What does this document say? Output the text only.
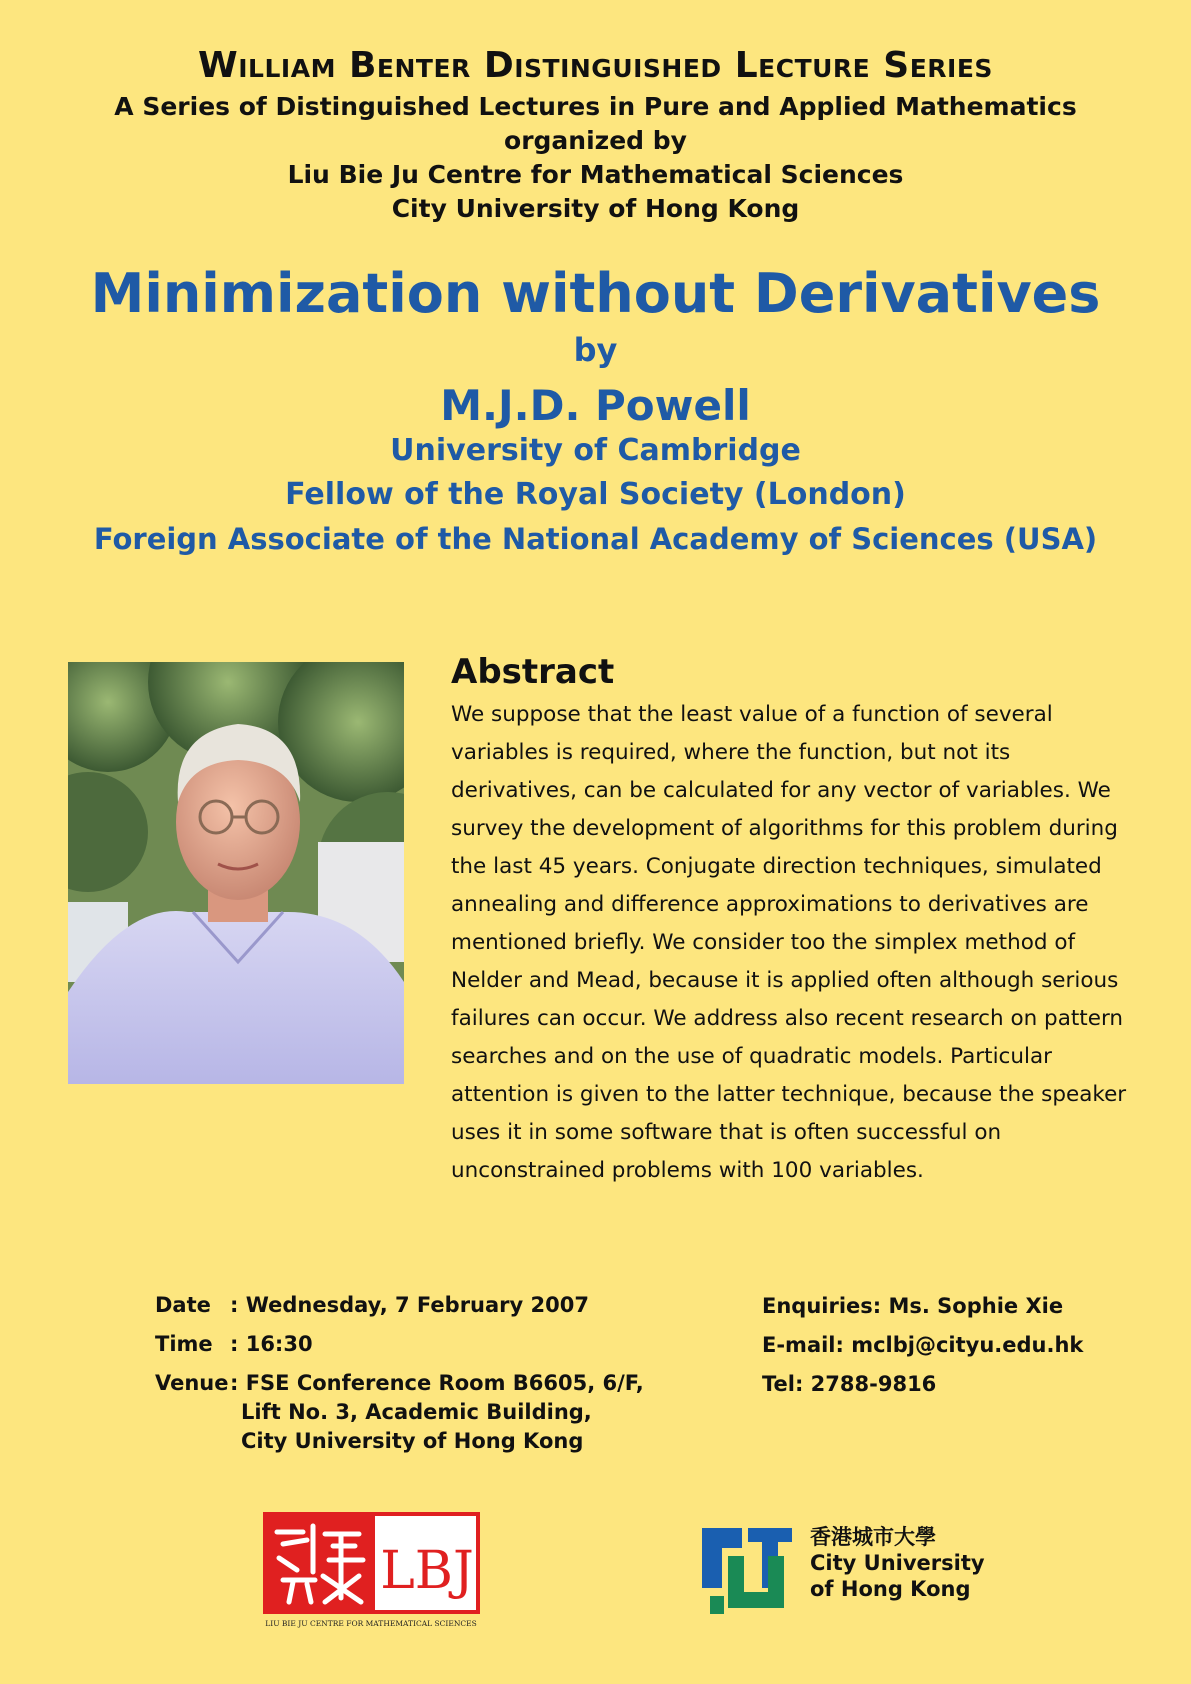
William Benter Distinguished Lecture Series
A Series of Distinguished Lectures in Pure and Applied Mathematics
organized by
Liu Bie Ju Centre for Mathematical Sciences
City University of Hong Kong
Minimization without Derivatives
by
M.J.D. Powell
University of Cambridge
Fellow of the Royal Society (London)
Foreign Associate of the National Academy of Sciences (USA)
Abstract
We suppose that the least value of a function of several variables is required, where the function, but not its derivatives, can be calculated for any vector of variables. We survey the development of algorithms for this problem during the last 45 years. Conjugate direction techniques, simulated annealing and difference approximations to derivatives are mentioned briefly. We consider too the simplex method of Nelder and Mead, because it is applied often although serious failures can occur. We address also recent research on pattern searches and on the use of quadratic models. Particular attention is given to the latter technique, because the speaker uses it in some software that is often successful on unconstrained problems with 100 variables.
Date : Wednesday, 7 February 2007
Time : 16:30
Venue : FSE Conference Room B6605, 6/F,
Lift No. 3, Academic Building,
City University of Hong Kong
Enquiries: Ms. Sophie Xie
E-mail: mclbj@cityu.edu.hk
Tel: 2788-9816
LBJ
LIU BIE JU CENTRE FOR MATHEMATICAL SCIENCES
香港城市大學
City University
of Hong Kong
